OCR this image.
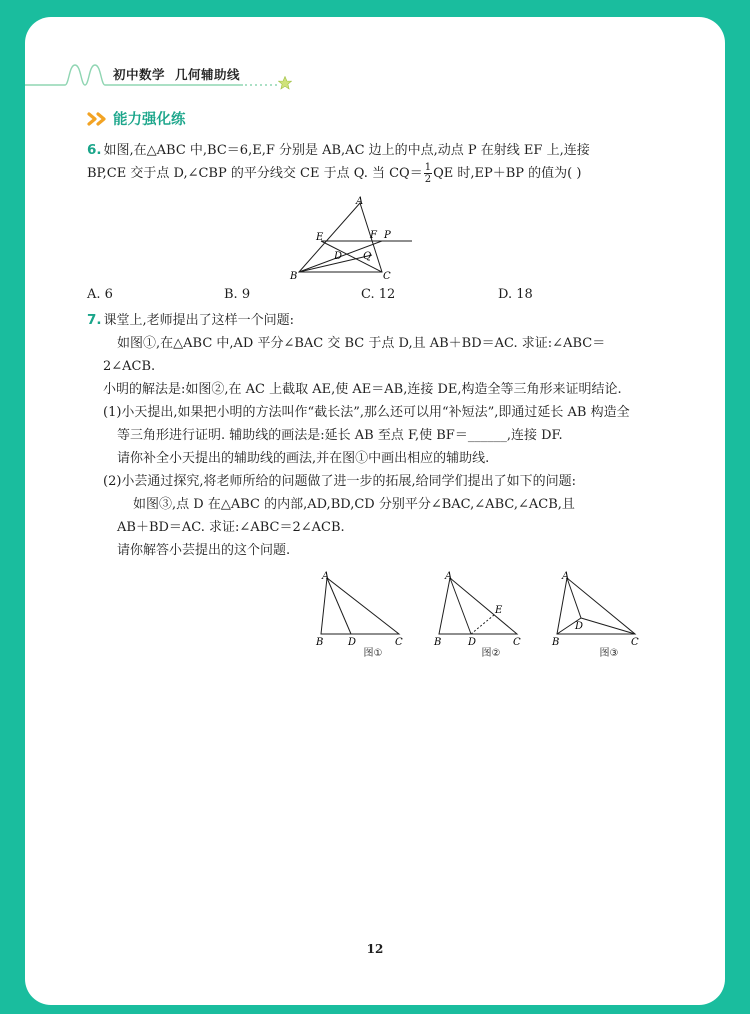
初中数学 几何辅助线
能力强化练
6. 如图,在△ABC 中,BC＝6,E,F 分别是 AB,AC 边上的中点,动点 P 在射线 EF 上,连接
BP,CE 交于点 D,∠CBP 的平分线交 CE 于点 Q. 当 $CQ= \frac{1}{2}$ QE 时,EP＋BP 的值为( )
A
B	C
E	F P
D Q
A. 6	B. 9	C. 12	D. 18
7. 课堂上,老师提出了这样一个问题:
如图①,在△ABC 中,AD 平分∠BAC 交 BC 于点 D,且 AB＋BD＝AC. 求证:∠ABC＝
2∠ACB.
小明的解法是:如图②,在 AC 上截取 AE,使 AE＝AB,连接 DE,构造全等三角形来证明结论.
(1)小天提出,如果把小明的方法叫作“截长法”,那么还可以用“补短法”,即通过延长 AB 构造全
等三角形进行证明. 辅助线的画法是:延长 AB 至点 F,使 BF＝______,连接 DF.
请你补全小天提出的辅助线的画法,并在图①中画出相应的辅助线.
(2)小芸通过探究,将老师所给的问题做了进一步的拓展,给同学们提出了如下的问题:
如图③,点 D 在△ABC 的内部,AD,BD,CD 分别平分∠BAC,∠ABC,∠ACB,且
AB＋BD＝AC. 求证:∠ABC＝2∠ACB.
请你解答小芸提出的这个问题.
A
B D	C
图①
A
B	D	C
E
图②
A
B	C
D
图③
12
